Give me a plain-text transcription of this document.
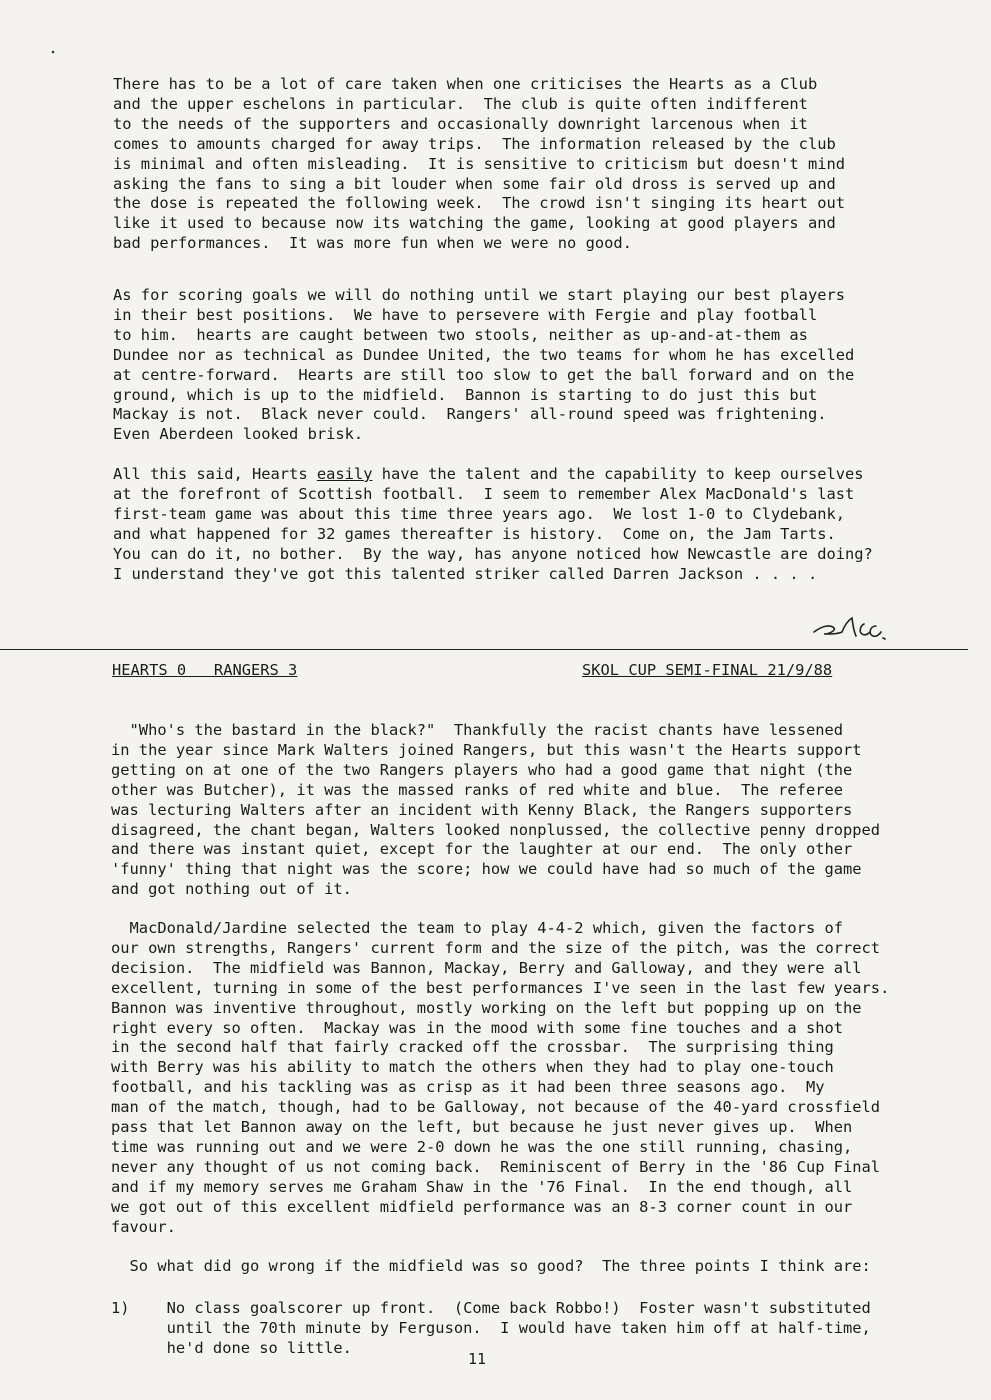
There has to be a lot of care taken when one criticises the Hearts as a Club
and the upper eschelons in particular.  The club is quite often indifferent
to the needs of the supporters and occasionally downright larcenous when it
comes to amounts charged for away trips.  The information released by the club
is minimal and often misleading.  It is sensitive to criticism but doesn't mind
asking the fans to sing a bit louder when some fair old dross is served up and
the dose is repeated the following week.  The crowd isn't singing its heart out
like it used to because now its watching the game, looking at good players and
bad performances.  It was more fun when we were no good.
As for scoring goals we will do nothing until we start playing our best players
in their best positions.  We have to persevere with Fergie and play football
to him.  hearts are caught between two stools, neither as up-and-at-them as
Dundee nor as technical as Dundee United, the two teams for whom he has excelled
at centre-forward.  Hearts are still too slow to get the ball forward and on the
ground, which is up to the midfield.  Bannon is starting to do just this but
Mackay is not.  Black never could.  Rangers' all-round speed was frightening.
Even Aberdeen looked brisk.
All this said, Hearts easily have the talent and the capability to keep ourselves
at the forefront of Scottish football.  I seem to remember Alex MacDonald's last
first-team game was about this time three years ago.  We lost 1-0 to Clydebank,
and what happened for 32 games thereafter is history.  Come on, the Jam Tarts.
You can do it, no bother.  By the way, has anyone noticed how Newcastle are doing?
I understand they've got this talented striker called Darren Jackson . . . .
HEARTS 0   RANGERS 3	SKOL CUP SEMI-FINAL 21/9/88
"Who's the bastard in the black?"  Thankfully the racist chants have lessened
in the year since Mark Walters joined Rangers, but this wasn't the Hearts support
getting on at one of the two Rangers players who had a good game that night (the
other was Butcher), it was the massed ranks of red white and blue.  The referee
was lecturing Walters after an incident with Kenny Black, the Rangers supporters
disagreed, the chant began, Walters looked nonplussed, the collective penny dropped
and there was instant quiet, except for the laughter at our end.  The only other
'funny' thing that night was the score; how we could have had so much of the game
and got nothing out of it.
MacDonald/Jardine selected the team to play 4-4-2 which, given the factors of
our own strengths, Rangers' current form and the size of the pitch, was the correct
decision.  The midfield was Bannon, Mackay, Berry and Galloway, and they were all
excellent, turning in some of the best performances I've seen in the last few years.
Bannon was inventive throughout, mostly working on the left but popping up on the
right every so often.  Mackay was in the mood with some fine touches and a shot
in the second half that fairly cracked off the crossbar.  The surprising thing
with Berry was his ability to match the others when they had to play one-touch
football, and his tackling was as crisp as it had been three seasons ago.  My
man of the match, though, had to be Galloway, not because of the 40-yard crossfield
pass that let Bannon away on the left, but because he just never gives up.  When
time was running out and we were 2-0 down he was the one still running, chasing,
never any thought of us not coming back.  Reminiscent of Berry in the '86 Cup Final
and if my memory serves me Graham Shaw in the '76 Final.  In the end though, all
we got out of this excellent midfield performance was an 8-3 corner count in our
favour.
So what did go wrong if the midfield was so good?  The three points I think are:
1)    No class goalscorer up front.  (Come back Robbo!)  Foster wasn't substituted
until the 70th minute by Ferguson.  I would have taken him off at half-time,
he'd done so little.
11
